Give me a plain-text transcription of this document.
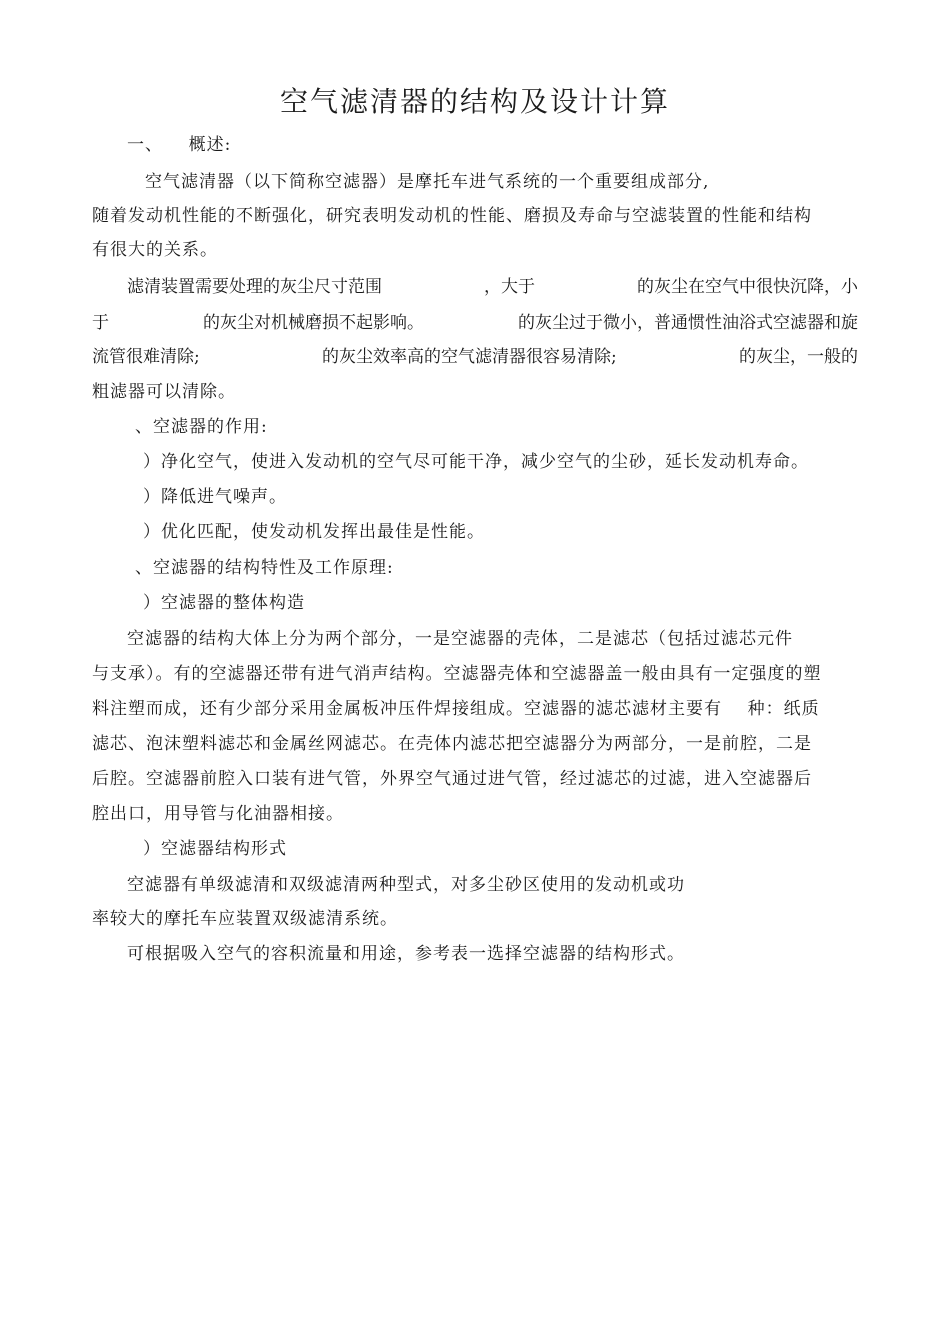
空气滤清器的结构及设计计算
一、    概述:
空气滤清器（以下简称空滤器）是摩托车进气系统的一个重要组成部分,
随着发动机性能的不断强化，研究表明发动机的性能、磨损及寿命与空滤装置的性能和结构
有很大的关系。
滤清装置需要处理的灰尘尺寸范围	，大于	的灰尘在空气中很快沉降，小
于	的灰尘对机械磨损不起影响。	的灰尘过于微小，普通惯性油浴式空滤器和旋
流管很难清除;	的灰尘效率高的空气滤清器很容易清除;	的灰尘，一般的
粗滤器可以清除。
、空滤器的作用:
）净化空气，使进入发动机的空气尽可能干净，减少空气的尘砂，延长发动机寿命。
）降低进气噪声。
）优化匹配，使发动机发挥出最佳是性能。
、空滤器的结构特性及工作原理:
）空滤器的整体构造
空滤器的结构大体上分为两个部分，一是空滤器的壳体，二是滤芯（包括过滤芯元件
与支承）。有的空滤器还带有进气消声结构。空滤器壳体和空滤器盖一般由具有一定强度的塑
料注塑而成，还有少部分采用金属板冲压件焊接组成。空滤器的滤芯滤材主要有    种：纸质
滤芯、泡沫塑料滤芯和金属丝网滤芯。在壳体内滤芯把空滤器分为两部分，一是前腔，二是
后腔。空滤器前腔入口装有进气管，外界空气通过进气管，经过滤芯的过滤，进入空滤器后
腔出口，用导管与化油器相接。
）空滤器结构形式
空滤器有单级滤清和双级滤清两种型式，对多尘砂区使用的发动机或功
率较大的摩托车应装置双级滤清系统。
可根据吸入空气的容积流量和用途，参考表一选择空滤器的结构形式。
